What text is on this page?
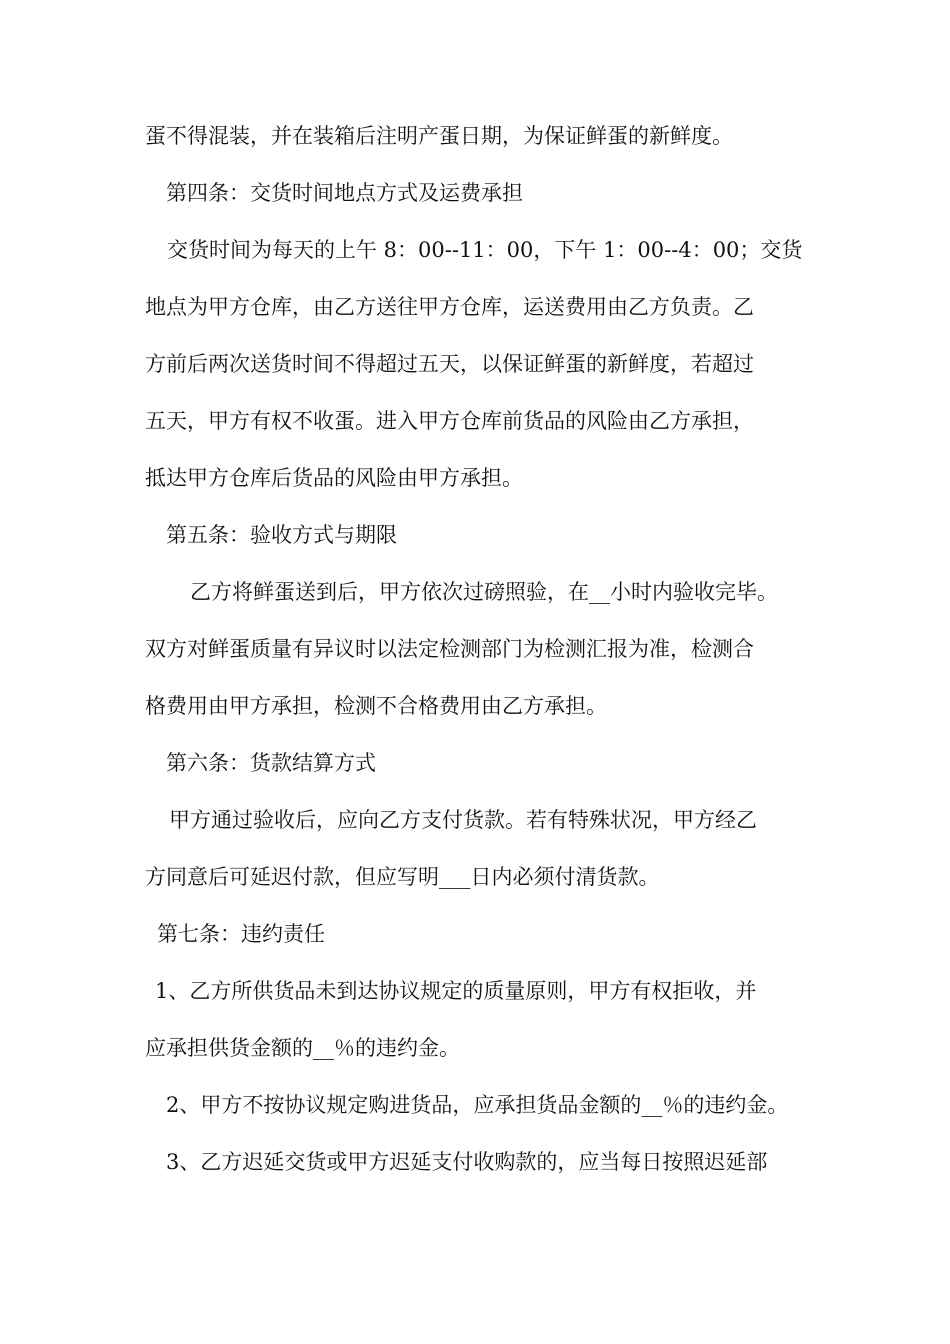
蛋不得混装，并在装箱后注明产蛋日期，为保证鲜蛋的新鲜度。
第四条：交货时间地点方式及运费承担
交货时间为每天的上午 8：00--11：00，下午 1：00--4：00；交货
地点为甲方仓库，由乙方送往甲方仓库，运送费用由乙方负责。乙
方前后两次送货时间不得超过五天，以保证鲜蛋的新鲜度，若超过
五天，甲方有权不收蛋。进入甲方仓库前货品的风险由乙方承担，
抵达甲方仓库后货品的风险由甲方承担。
第五条：验收方式与期限
乙方将鲜蛋送到后，甲方依次过磅照验，在__小时内验收完毕。
双方对鲜蛋质量有异议时以法定检测部门为检测汇报为准，检测合
格费用由甲方承担，检测不合格费用由乙方承担。
第六条：货款结算方式
甲方通过验收后，应向乙方支付货款。若有特殊状况，甲方经乙
方同意后可延迟付款，但应写明___日内必须付清货款。
第七条：违约责任
1、乙方所供货品未到达协议规定的质量原则，甲方有权拒收，并
应承担供货金额的__％的违约金。
2、甲方不按协议规定购进货品，应承担货品金额的__％的违约金。
3、乙方迟延交货或甲方迟延支付收购款的，应当每日按照迟延部
